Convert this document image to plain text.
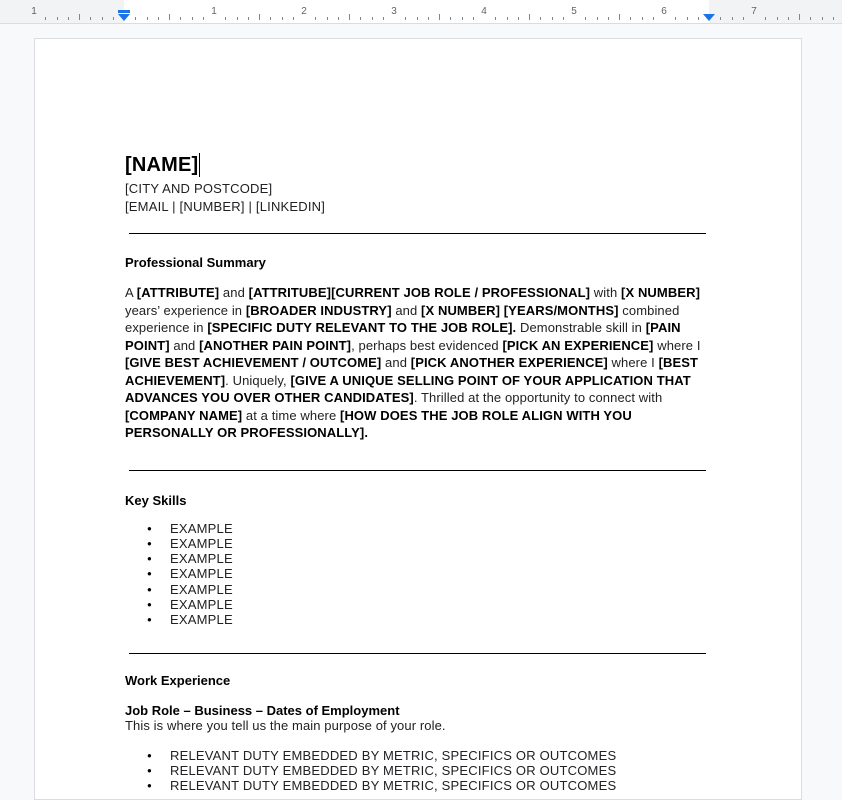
1	1	2	3	4	5	6	7
[NAME]
[CITY AND POSTCODE]
[EMAIL | [NUMBER] | [LINKEDIN]
Professional Summary
A [ATTRIBUTE] and [ATTRITUBE][CURRENT JOB ROLE / PROFESSIONAL] with [X NUMBER] years’ experience in [BROADER INDUSTRY] and [X NUMBER] [YEARS/MONTHS] combined experience in [SPECIFIC DUTY RELEVANT TO THE JOB ROLE]. Demonstrable skill in [PAIN POINT] and [ANOTHER PAIN POINT], perhaps best evidenced [PICK AN EXPERIENCE] where I [GIVE BEST ACHIEVEMENT / OUTCOME] and [PICK ANOTHER EXPERIENCE] where I [BEST ACHIEVEMENT]. Uniquely, [GIVE A UNIQUE SELLING POINT OF YOUR APPLICATION THAT ADVANCES YOU OVER OTHER CANDIDATES]. Thrilled at the opportunity to connect with [COMPANY NAME] at a time where [HOW DOES THE JOB ROLE ALIGN WITH YOU PERSONALLY OR PROFESSIONALLY].
Key Skills
● EXAMPLE
● EXAMPLE
● EXAMPLE
● EXAMPLE
● EXAMPLE
● EXAMPLE
● EXAMPLE
Work Experience
Job Role – Business – Dates of Employment
This is where you tell us the main purpose of your role.
● RELEVANT DUTY EMBEDDED BY METRIC, SPECIFICS OR OUTCOMES
● RELEVANT DUTY EMBEDDED BY METRIC, SPECIFICS OR OUTCOMES
● RELEVANT DUTY EMBEDDED BY METRIC, SPECIFICS OR OUTCOMES
